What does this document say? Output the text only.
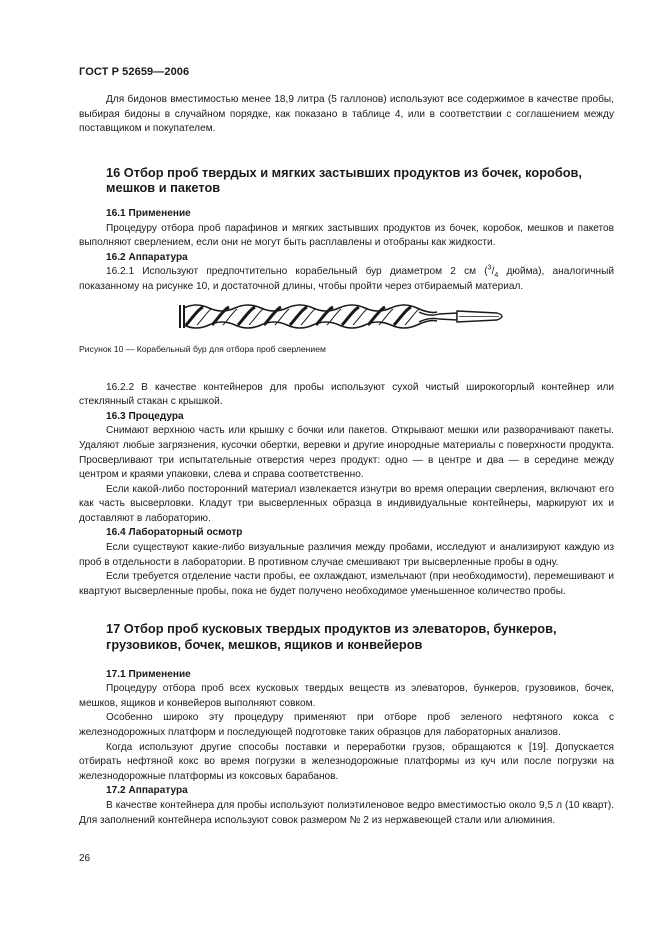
ГОСТ Р 52659—2006

Для бидонов вместимостью менее 18,9 литра (5 галлонов) используют все содержимое в качестве пробы, выбирая бидоны в случайном порядке, как показано в таблице 4, или в соответствии с соглашением между поставщиком и покупателем.

16 Отбор проб твердых и мягких застывших продуктов из бочек, коробов, мешков и пакетов

16.1 Применение

Процедуру отбора проб парафинов и мягких застывших продуктов из бочек, коробок, мешков и пакетов выполняют сверлением, если они не могут быть расплавлены и отобраны как жидкости.

16.2 Аппаратура

16.2.1 Используют предпочтительно корабельный бур диаметром 2 см ($^3/_4$ дюйма), аналогичный показанному на рисунке 10, и достаточной длины, чтобы пройти через отбираемый материал.

Рисунок 10 — Корабельный бур для отбора проб сверлением

16.2.2 В качестве контейнеров для пробы используют сухой чистый широкогорлый контейнер или стеклянный стакан с крышкой.

16.3 Процедура

Снимают верхнюю часть или крышку с бочки или пакетов. Открывают мешки или разворачивают пакеты. Удаляют любые загрязнения, кусочки обертки, веревки и другие инородные материалы с поверхности продукта. Просверливают три испытательные отверстия через продукт: одно — в центре и два — в середине между центром и краями упаковки, слева и справа соответственно.

Если какой-либо посторонний материал извлекается изнутри во время операции сверления, включают его как часть высверловки. Кладут три высверленных образца в индивидуальные контейнеры, маркируют их и доставляют в лабораторию.

16.4 Лабораторный осмотр

Если существуют какие-либо визуальные различия между пробами, исследуют и анализируют каждую из проб в отдельности в лаборатории. В противном случае смешивают три высверленные пробы в одну.

Если требуется отделение части пробы, ее охлаждают, измельчают (при необходимости), перемешивают и квартуют высверленные пробы, пока не будет получено необходимое уменьшенное количество пробы.

17 Отбор проб кусковых твердых продуктов из элеваторов, бункеров, грузовиков, бочек, мешков, ящиков и конвейеров

17.1 Применение

Процедуру отбора проб всех кусковых твердых веществ из элеваторов, бункеров, грузовиков, бочек, мешков, ящиков и конвейеров выполняют совком.

Особенно широко эту процедуру применяют при отборе проб зеленого нефтяного кокса с железнодорожных платформ и последующей подготовке таких образцов для лабораторных анализов.

Когда используют другие способы поставки и переработки грузов, обращаются к [19]. Допускается отбирать нефтяной кокс во время погрузки в железнодорожные платформы из куч или после погрузки на железнодорожные платформы из коксовых барабанов.

17.2 Аппаратура

В качестве контейнера для пробы используют полиэтиленовое ведро вместимостью около 9,5 л (10 кварт). Для заполнений контейнера используют совок размером № 2 из нержавеющей стали или алюминия.

26
